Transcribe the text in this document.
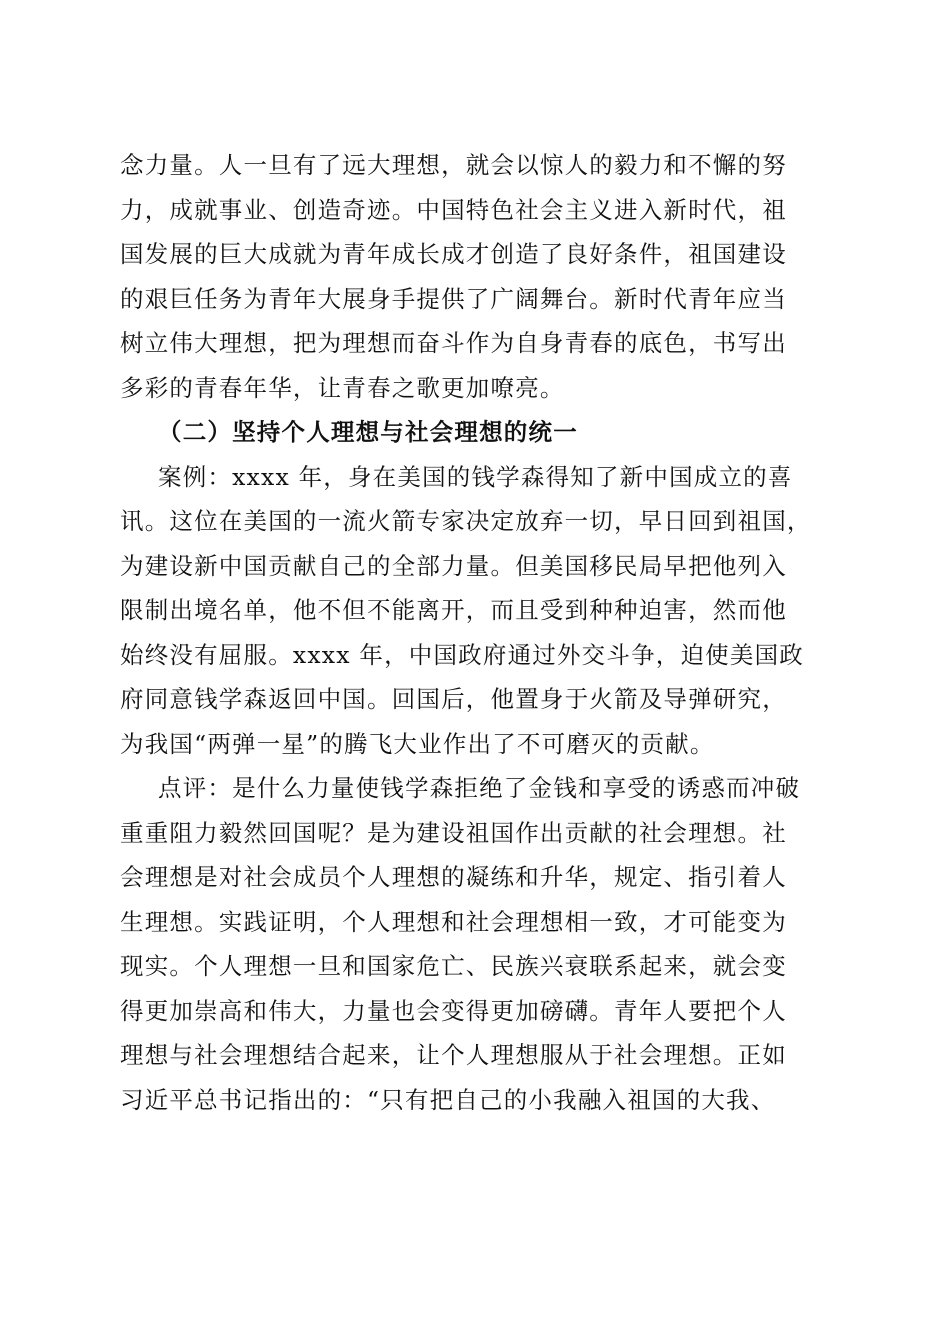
念力量。人一旦有了远大理想，就会以惊人的毅力和不懈的努
力，成就事业、创造奇迹。中国特色社会主义进入新时代，祖
国发展的巨大成就为青年成长成才创造了良好条件，祖国建设
的艰巨任务为青年大展身手提供了广阔舞台。新时代青年应当
树立伟大理想，把为理想而奋斗作为自身青春的底色，书写出
多彩的青春年华，让青春之歌更加嘹亮。
（二）坚持个人理想与社会理想的统一
案例：xxxx 年，身在美国的钱学森得知了新中国成立的喜
讯。这位在美国的一流火箭专家决定放弃一切，早日回到祖国，
为建设新中国贡献自己的全部力量。但美国移民局早把他列入
限制出境名单，他不但不能离开，而且受到种种迫害，然而他
始终没有屈服。xxxx 年，中国政府通过外交斗争，迫使美国政
府同意钱学森返回中国。回国后，他置身于火箭及导弹研究，
为我国“两弹一星”的腾飞大业作出了不可磨灭的贡献。
点评：是什么力量使钱学森拒绝了金钱和享受的诱惑而冲破
重重阻力毅然回国呢？是为建设祖国作出贡献的社会理想。社
会理想是对社会成员个人理想的凝练和升华，规定、指引着人
生理想。实践证明，个人理想和社会理想相一致，才可能变为
现实。个人理想一旦和国家危亡、民族兴衰联系起来，就会变
得更加崇高和伟大，力量也会变得更加磅礴。青年人要把个人
理想与社会理想结合起来，让个人理想服从于社会理想。正如
习近平总书记指出的：“只有把自己的小我融入祖国的大我、
